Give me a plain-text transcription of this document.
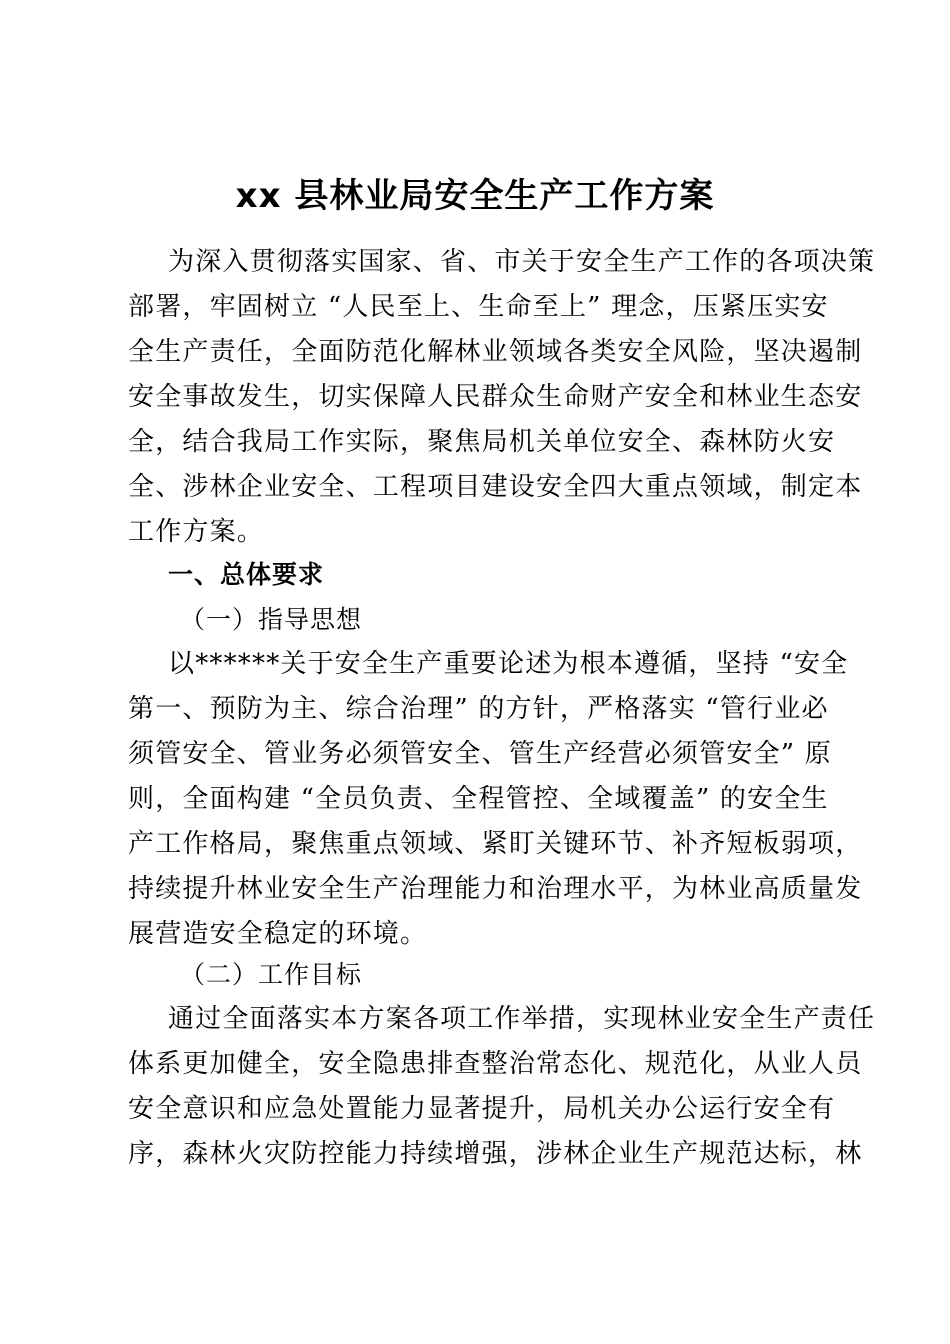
xx 县林业局安全生产工作方案
为深入贯彻落实国家、省、市关于安全生产工作的各项决策
部署，牢固树立 “人民至上、生命至上” 理念，压紧压实安
全生产责任，全面防范化解林业领域各类安全风险，坚决遏制
安全事故发生，切实保障人民群众生命财产安全和林业生态安
全，结合我局工作实际，聚焦局机关单位安全、森林防火安
全、涉林企业安全、工程项目建设安全四大重点领域，制定本
工作方案。
一、总体要求
（一）指导思想
以******关于安全生产重要论述为根本遵循，坚持 “安全
第一、预防为主、综合治理” 的方针，严格落实 “管行业必
须管安全、管业务必须管安全、管生产经营必须管安全” 原
则，全面构建 “全员负责、全程管控、全域覆盖” 的安全生
产工作格局，聚焦重点领域、紧盯关键环节、补齐短板弱项，
持续提升林业安全生产治理能力和治理水平，为林业高质量发
展营造安全稳定的环境。
（二）工作目标
通过全面落实本方案各项工作举措，实现林业安全生产责任
体系更加健全，安全隐患排查整治常态化、规范化，从业人员
安全意识和应急处置能力显著提升，局机关办公运行安全有
序，森林火灾防控能力持续增强，涉林企业生产规范达标，林
